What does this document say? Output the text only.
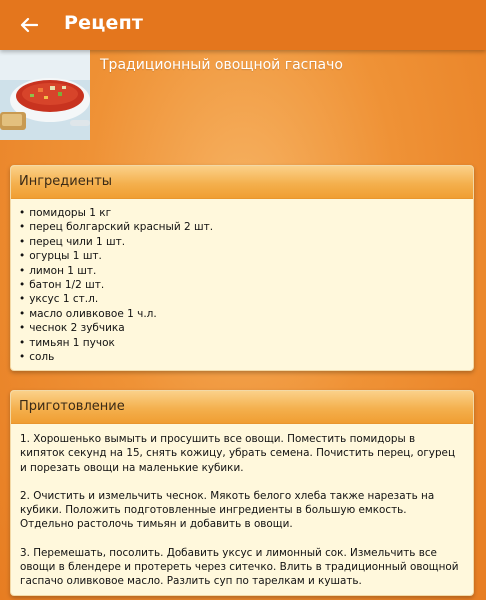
Рецепт
Традиционный овощной гаспачо
Ингредиенты
• помидоры 1 кг
• перец болгарский красный 2 шт.
• перец чили 1 шт.
• огурцы 1 шт.
• лимон 1 шт.
• батон 1/2 шт.
• уксус 1 ст.л.
• масло оливковое 1 ч.л.
• чеснок 2 зубчика
• тимьян 1 пучок
• соль
Приготовление

1. Хорошенько вымыть и просушить все овощи. Поместить помидоры в кипяток секунд на 15, снять кожицу, убрать семена. Почистить перец, огурец и порезать овощи на маленькие кубики.

2. Очистить и измельчить чеснок. Мякоть белого хлеба также нарезать на кубики. Положить подготовленные ингредиенты в большую емкость. Отдельно растолочь тимьян и добавить в овощи.

3. Перемешать, посолить. Добавить уксус и лимонный сок. Измельчить все овощи в блендере и протереть через ситечко. Влить в традиционный овощной гаспачо оливковое масло. Разлить суп по тарелкам и кушать.
